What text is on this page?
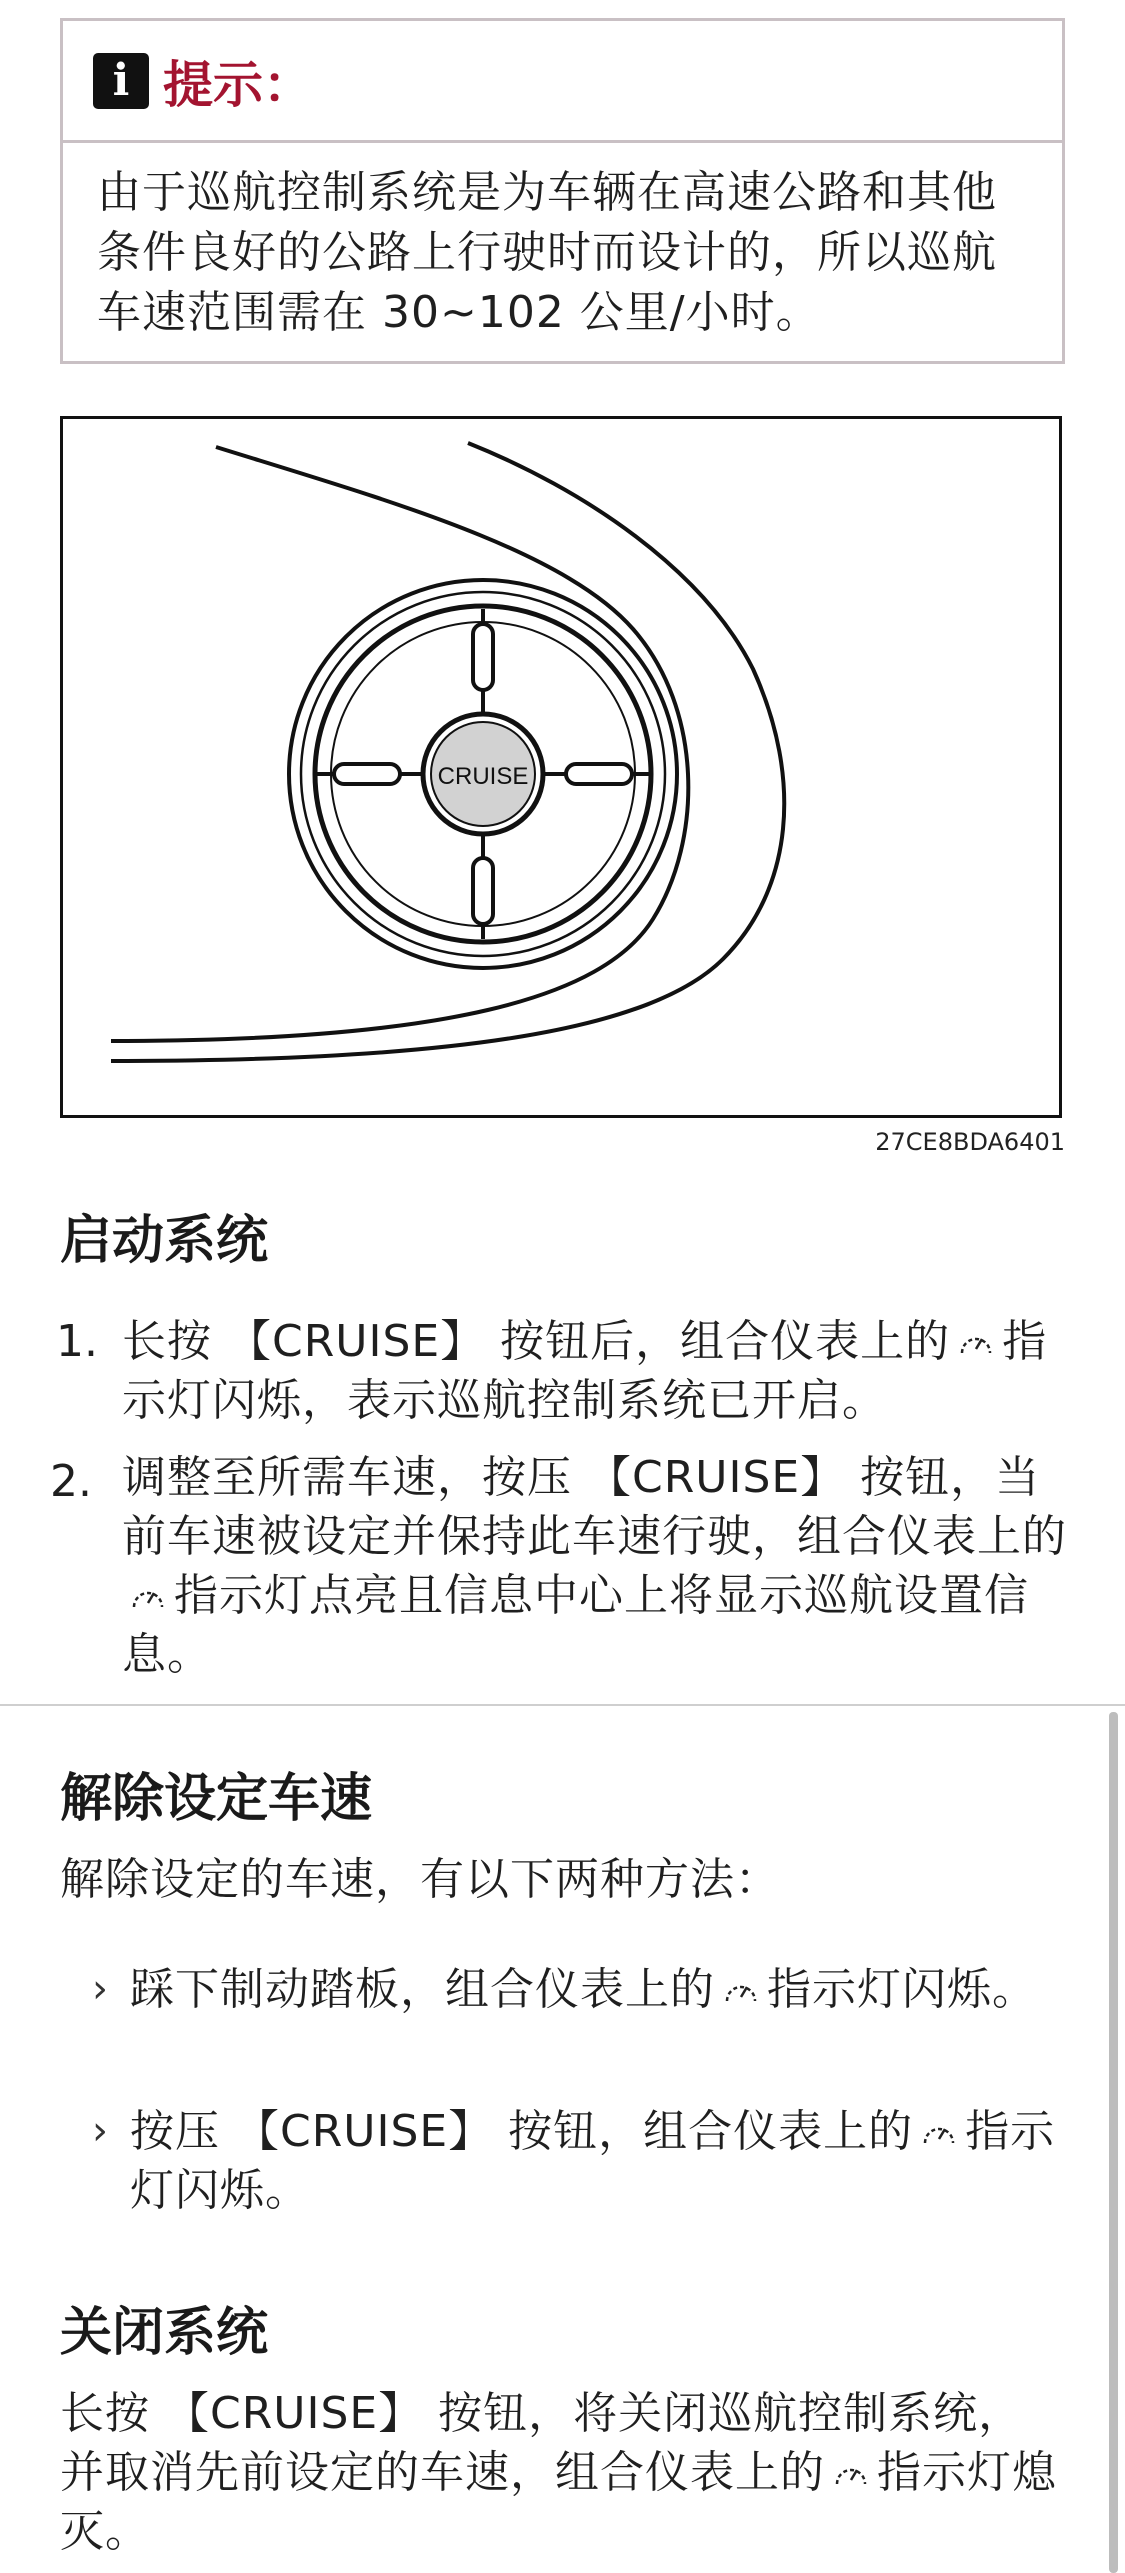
i 提示：
由于巡航控制系统是为车辆在高速公路和其他条件良好的公路上行驶时而设计的，所以巡航车速范围需在 30~102 公里/小时。
CRUISE
27CE8BDA6401
启动系统
1. 长按 【CRUISE】 按钮后，组合仪表上的 指示灯闪烁，表示巡航控制系统已开启。
2. 调整至所需车速，按压 【CRUISE】 按钮，当前车速被设定并保持此车速行驶，组合仪表上的指示灯点亮且信息中心上将显示巡航设置信息。
解除设定车速
解除设定的车速，有以下两种方法：
› 踩下制动踏板，组合仪表上的 指示灯闪烁。
› 按压 【CRUISE】 按钮，组合仪表上的 指示灯闪烁。
关闭系统
长按 【CRUISE】 按钮，将关闭巡航控制系统，并取消先前设定的车速，组合仪表上的 指示灯熄灭。
